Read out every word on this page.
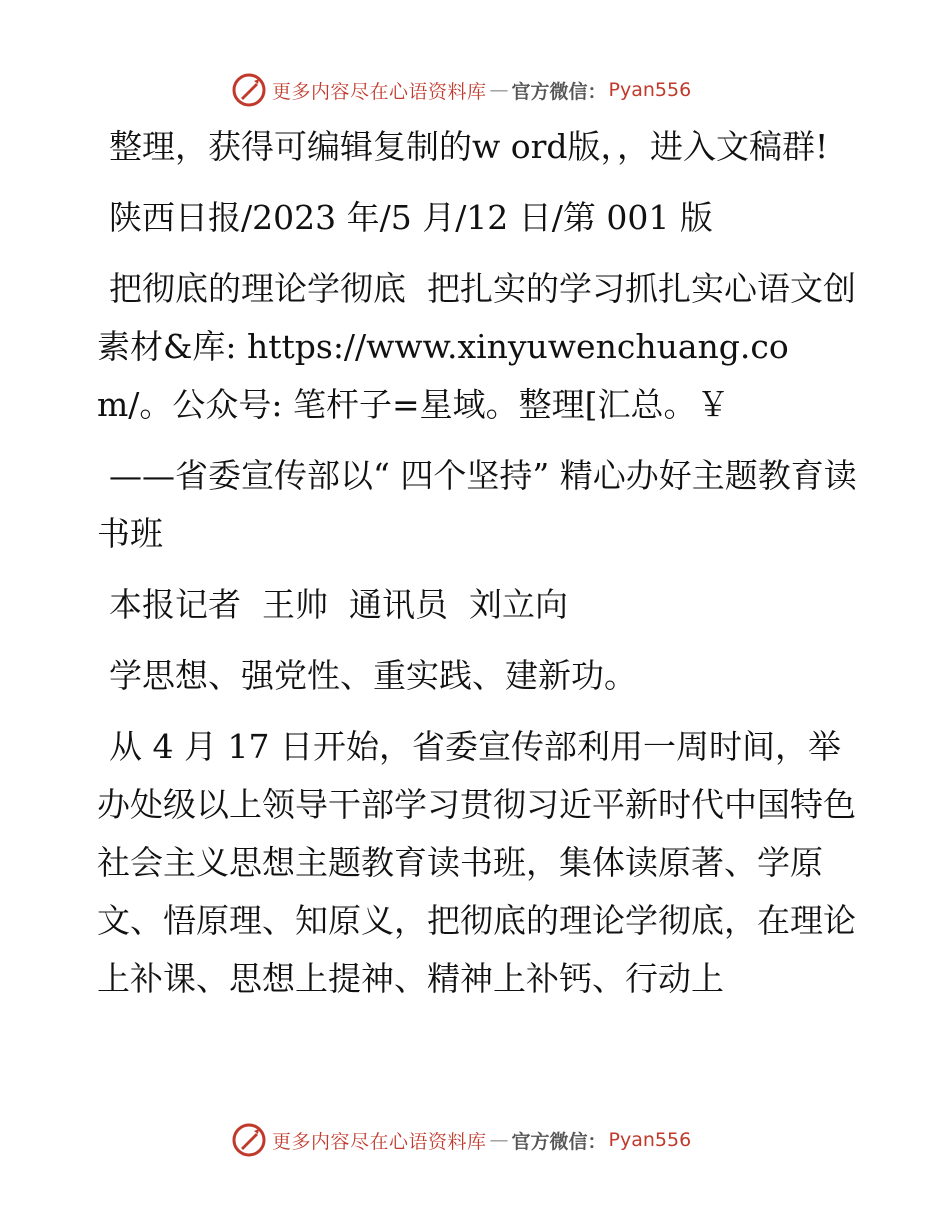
更多内容尽在心语资料库 — 官方微信： Pyan556

整理，获得可编辑复制的w ord版，，进入文稿群!

陕西日报/2023 年/5 月/12 日/第 001 版

把彻底的理论学彻底  把扎实的学习抓扎实心语文创素材&库: https://www.xinyuwenchuang.com/。公众号: 笔杆子=星域。整理[汇总。￥

——省委宣传部以“ 四个坚持” 精心办好主题教育读书班

本报记者  王帅  通讯员  刘立向

学思想、强党性、重实践、建新功。

从 4 月 17 日开始，省委宣传部利用一周时间，举办处级以上领导干部学习贯彻习近平新时代中国特色社会主义思想主题教育读书班，集体读原著、学原文、悟原理、知原义，把彻底的理论学彻底，在理论上补课、思想上提神、精神上补钙、行动上

更多内容尽在心语资料库 — 官方微信： Pyan556
